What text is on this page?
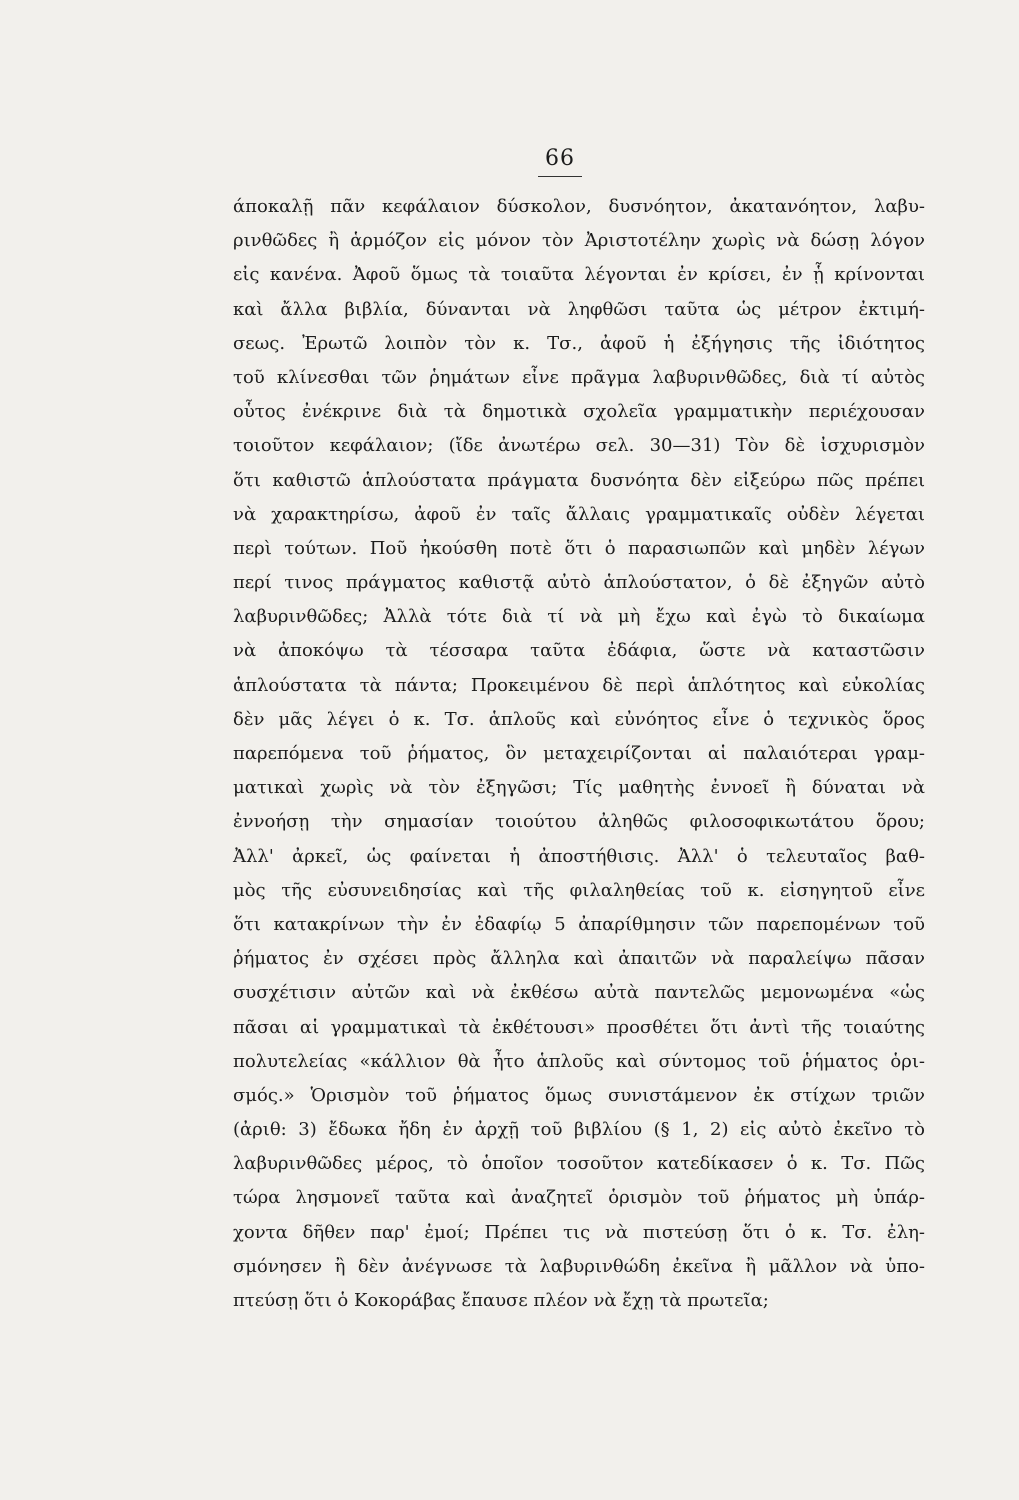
66
άποκαλῇ πᾶν κεφάλαιον δύσκολον, δυσνόητον, ἀκατανόητον, λαβυ-
ρινθῶδες ἢ ἁρμόζον εἰς μόνον τὸν Ἀριστοτέλην χωρὶς νὰ δώσῃ λόγον
εἰς κανένα. Ἀφοῦ ὅμως τὰ τοιαῦτα λέγονται ἐν κρίσει, ἐν ᾗ κρίνονται
καὶ ἄλλα βιβλία, δύνανται νὰ ληφθῶσι ταῦτα ὡς μέτρον ἐκτιμή-
σεως. Ἐρωτῶ λοιπὸν τὸν κ. Τσ., ἀφοῦ ἡ ἐξήγησις τῆς ἰδιότητος
τοῦ κλίνεσθαι τῶν ῥημάτων εἶνε πρᾶγμα λαβυρινθῶδες, διὰ τί αὐτὸς
οὗτος ἐνέκρινε διὰ τὰ δημοτικὰ σχολεῖα γραμματικὴν περιέχουσαν
τοιοῦτον κεφάλαιον; (ἴδε ἀνωτέρω σελ. 30—31) Τὸν δὲ ἰσχυρισμὸν
ὅτι καθιστῶ ἁπλούστατα πράγματα δυσνόητα δὲν εἰξεύρω πῶς πρέπει
νὰ χαρακτηρίσω, ἀφοῦ ἐν ταῖς ἄλλαις γραμματικαῖς οὐδὲν λέγεται
περὶ τούτων. Ποῦ ἠκούσθη ποτὲ ὅτι ὁ παρασιωπῶν καὶ μηδὲν λέγων
περί τινος πράγματος καθιστᾷ αὐτὸ ἁπλούστατον, ὁ δὲ ἐξηγῶν αὐτὸ
λαβυρινθῶδες; Ἀλλὰ τότε διὰ τί νὰ μὴ ἔχω καὶ ἐγὼ τὸ δικαίωμα
νὰ ἀποκόψω τὰ τέσσαρα ταῦτα ἐδάφια, ὥστε νὰ καταστῶσιν
ἁπλούστατα τὰ πάντα; Προκειμένου δὲ περὶ ἁπλότητος καὶ εὐκολίας
δὲν μᾶς λέγει ὁ κ. Τσ. ἁπλοῦς καὶ εὐνόητος εἶνε ὁ τεχνικὸς ὅρος
παρεπόμενα τοῦ ῥήματος, ὃν μεταχειρίζονται αἱ παλαιότεραι γραμ-
ματικαὶ χωρὶς νὰ τὸν ἐξηγῶσι; Τίς μαθητὴς ἐννοεῖ ἢ δύναται νὰ
ἐννοήσῃ τὴν σημασίαν τοιούτου ἀληθῶς φιλοσοφικωτάτου ὅρου;
Ἀλλ' ἀρκεῖ, ὡς φαίνεται ἡ ἀποστήθισις. Ἀλλ' ὁ τελευταῖος βαθ-
μὸς τῆς εὐσυνειδησίας καὶ τῆς φιλαληθείας τοῦ κ. εἰσηγητοῦ εἶνε
ὅτι κατακρίνων τὴν ἐν ἐδαφίῳ 5 ἀπαρίθμησιν τῶν παρεπομένων τοῦ
ῥήματος ἐν σχέσει πρὸς ἄλληλα καὶ ἀπαιτῶν νὰ παραλείψω πᾶσαν
συσχέτισιν αὐτῶν καὶ νὰ ἐκθέσω αὐτὰ παντελῶς μεμονωμένα «ὡς
πᾶσαι αἱ γραμματικαὶ τὰ ἐκθέτουσι» προσθέτει ὅτι ἀντὶ τῆς τοιαύτης
πολυτελείας «κάλλιον θὰ ἦτο ἁπλοῦς καὶ σύντομος τοῦ ῥήματος ὁρι-
σμός.» Ὁρισμὸν τοῦ ῥήματος ὅμως συνιστάμενον ἐκ στίχων τριῶν
(ἀριθ: 3) ἔδωκα ἤδη ἐν ἀρχῇ τοῦ βιβλίου (§ 1, 2) εἰς αὐτὸ ἐκεῖνο τὸ
λαβυρινθῶδες μέρος, τὸ ὁποῖον τοσοῦτον κατεδίκασεν ὁ κ. Τσ. Πῶς
τώρα λησμονεῖ ταῦτα καὶ ἀναζητεῖ ὁρισμὸν τοῦ ῥήματος μὴ ὑπάρ-
χοντα δῆθεν παρ' ἐμοί; Πρέπει τις νὰ πιστεύσῃ ὅτι ὁ κ. Τσ. ἐλη-
σμόνησεν ἢ δὲν ἀνέγνωσε τὰ λαβυρινθώδη ἐκεῖνα ἢ μᾶλλον νὰ ὑπο-
πτεύσῃ ὅτι ὁ Κοκοράβας ἔπαυσε πλέον νὰ ἔχῃ τὰ πρωτεῖα;
